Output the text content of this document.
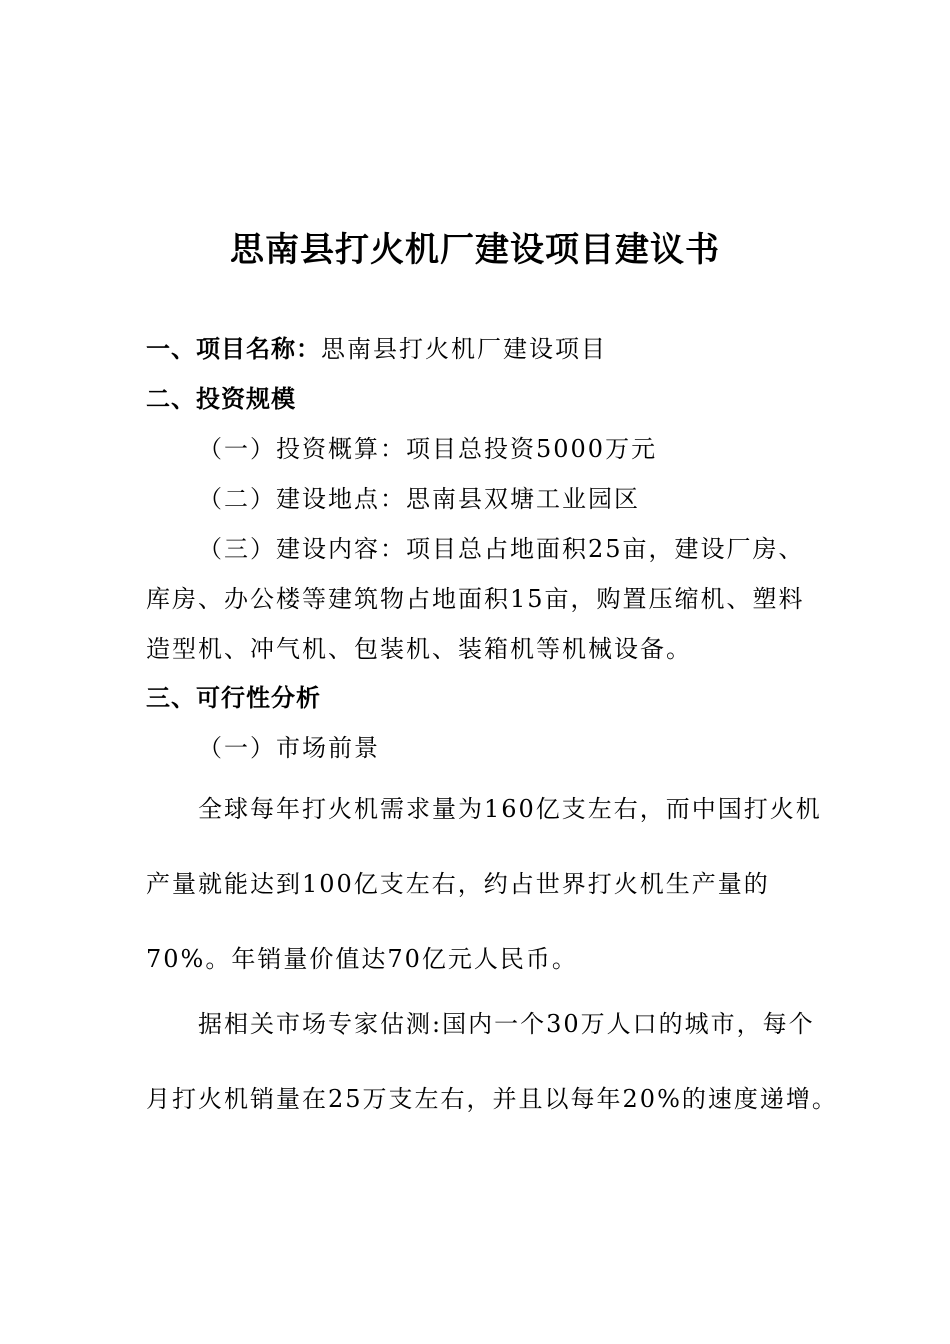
思南县打火机厂建设项目建议书

一、项目名称：思南县打火机厂建设项目

二、投资规模

（一）投资概算：项目总投资5000万元

（二）建设地点：思南县双塘工业园区

（三）建设内容：项目总占地面积25亩，建设厂房、

库房、办公楼等建筑物占地面积15亩，购置压缩机、塑料

造型机、冲气机、包装机、装箱机等机械设备。

三、可行性分析

（一）市场前景

全球每年打火机需求量为160亿支左右，而中国打火机

产量就能达到100亿支左右，约占世界打火机生产量的

70%。年销量价值达70亿元人民币。

据相关市场专家估测:国内一个30万人口的城市，每个

月打火机销量在25万支左右，并且以每年20%的速度递增。
